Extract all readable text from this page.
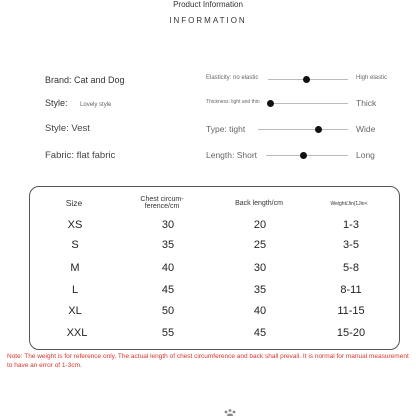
Product Information
INFORMATION
Brand: Cat and Dog
Style: Lovely style
Style: Vest
Fabric: flat fabric
Elasticity: no elastic	High elastic
Thickness: light and thin	Thick
Type: tight	Wide
Length: Short	Long
Size	Chest circum-ference/cm	Back length/cm	Weight/Jin(1Jin<
XS	30	20	1-3
S	35	25	3-5
M	40	30	5-8
L	45	35	8-11
XL	50	40	11-15
XXL	55	45	15-20
Note: The weight is for reference only. The actual length of chest circumference and back shall prevail. It is normal for manual measurement to have an error of 1-3cm.
